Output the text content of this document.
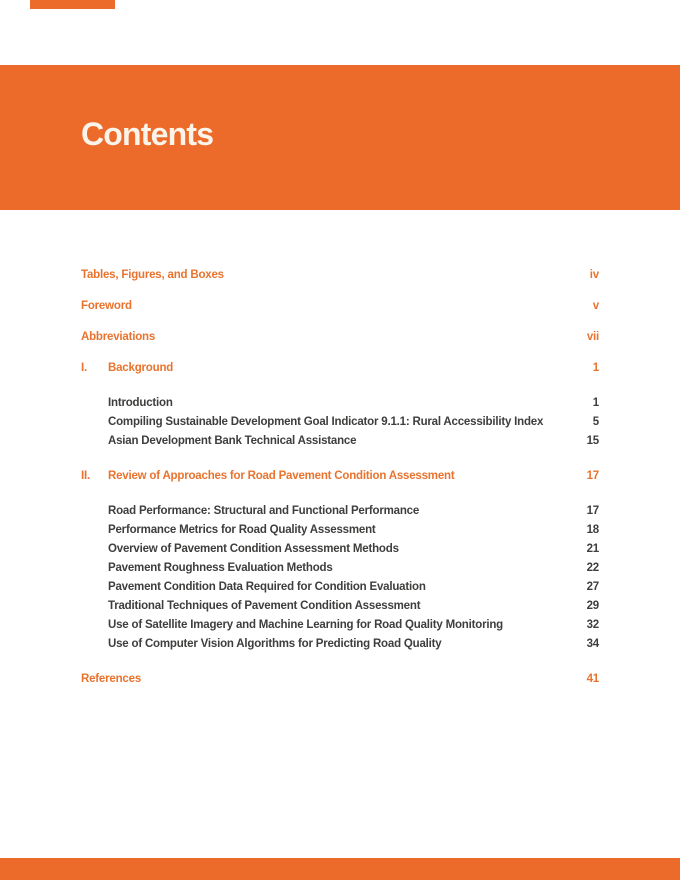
Contents
Tables, Figures, and Boxes	iv
Foreword	v
Abbreviations	vii
I.	Background	1
Introduction	1
Compiling Sustainable Development Goal Indicator 9.1.1: Rural Accessibility Index	5
Asian Development Bank Technical Assistance	15
II.	Review of Approaches for Road Pavement Condition Assessment	17
Road Performance: Structural and Functional Performance	17
Performance Metrics for Road Quality Assessment	18
Overview of Pavement Condition Assessment Methods	21
Pavement Roughness Evaluation Methods	22
Pavement Condition Data Required for Condition Evaluation	27
Traditional Techniques of Pavement Condition Assessment	29
Use of Satellite Imagery and Machine Learning for Road Quality Monitoring	32
Use of Computer Vision Algorithms for Predicting Road Quality	34
References	41
